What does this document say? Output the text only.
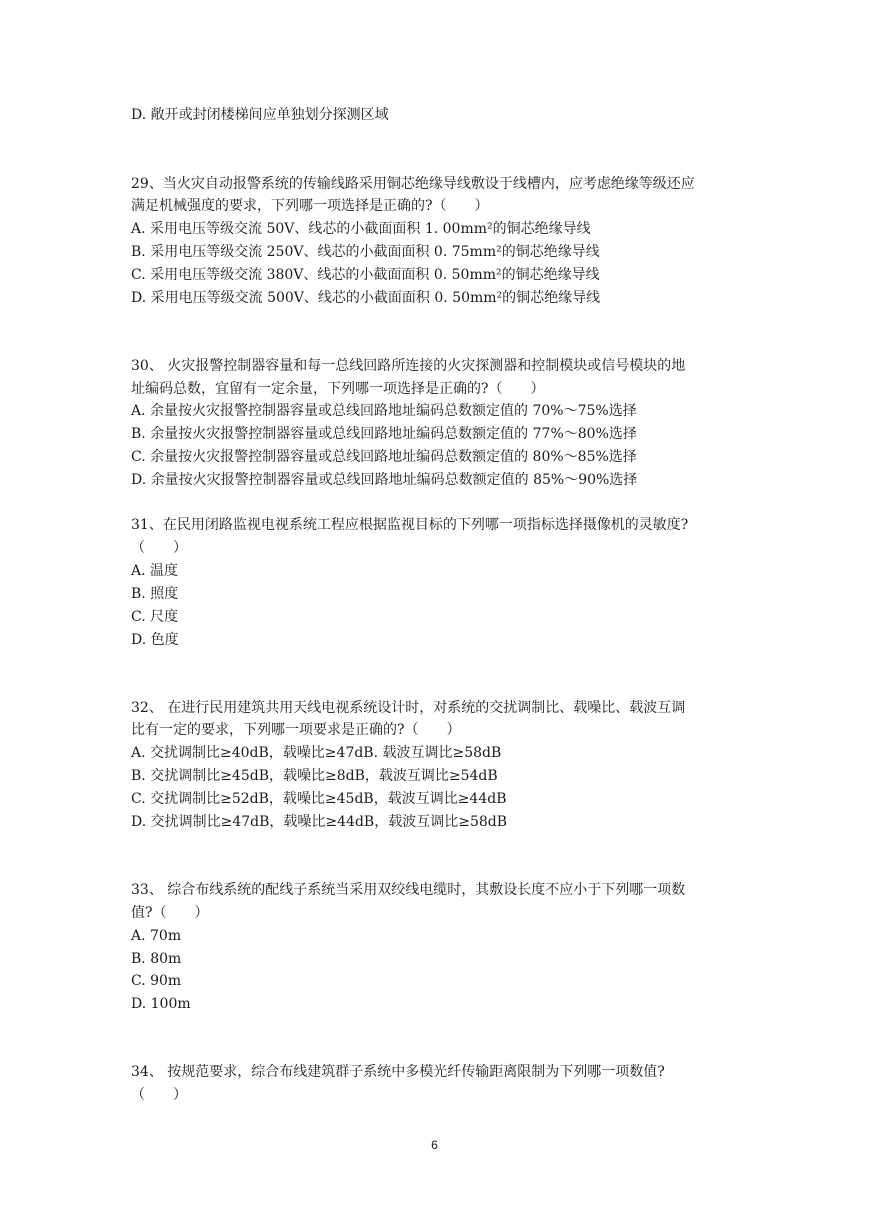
D. 敞开或封闭楼梯间应单独划分探测区域

29、当火灾自动报警系统的传输线路采用铜芯绝缘导线敷设于线槽内，应考虑绝缘等级还应

满足机械强度的要求，下列哪一项选择是正确的?（　　）

A. 采用电压等级交流 50V、线芯的小截面面积 1. 00mm²的铜芯绝缘导线

B. 采用电压等级交流 250V、线芯的小截面面积 0. 75mm²的铜芯绝缘导线

C. 采用电压等级交流 380V、线芯的小截面面积 0. 50mm²的铜芯绝缘导线

D. 采用电压等级交流 500V、线芯的小截面面积 0. 50mm²的铜芯绝缘导线

30、 火灾报警控制器容量和每一总线回路所连接的火灾探测器和控制模块或信号模块的地

址编码总数，宜留有一定余量，下列哪一项选择是正确的?（　　）

A. 余量按火灾报警控制器容量或总线回路地址编码总数额定值的 70%～75%选择

B. 余量按火灾报警控制器容量或总线回路地址编码总数额定值的 77%～80%选择

C. 余量按火灾报警控制器容量或总线回路地址编码总数额定值的 80%～85%选择

D. 余量按火灾报警控制器容量或总线回路地址编码总数额定值的 85%～90%选择

31、在民用闭路监视电视系统工程应根据监视目标的下列哪一项指标选择摄像机的灵敏度?

（　　）

A. 温度

B. 照度

C. 尺度

D. 色度

32、 在进行民用建筑共用天线电视系统设计时，对系统的交扰调制比、载噪比、载波互调

比有一定的要求，下列哪一项要求是正确的?（　　）

A. 交扰调制比≥40dB，载噪比≥47dB. 载波互调比≥58dB

B. 交扰调制比≥45dB，载噪比≥8dB，载波互调比≥54dB

C. 交扰调制比≥52dB，载噪比≥45dB，载波互调比≥44dB

D. 交扰调制比≥47dB，载噪比≥44dB，载波互调比≥58dB

33、 综合布线系统的配线子系统当采用双绞线电缆时，其敷设长度不应小于下列哪一项数

值?（　　）

A. 70m

B. 80m

C. 90m

D. 100m

34、 按规范要求，综合布线建筑群子系统中多模光纤传输距离限制为下列哪一项数值?

（　　）

6
